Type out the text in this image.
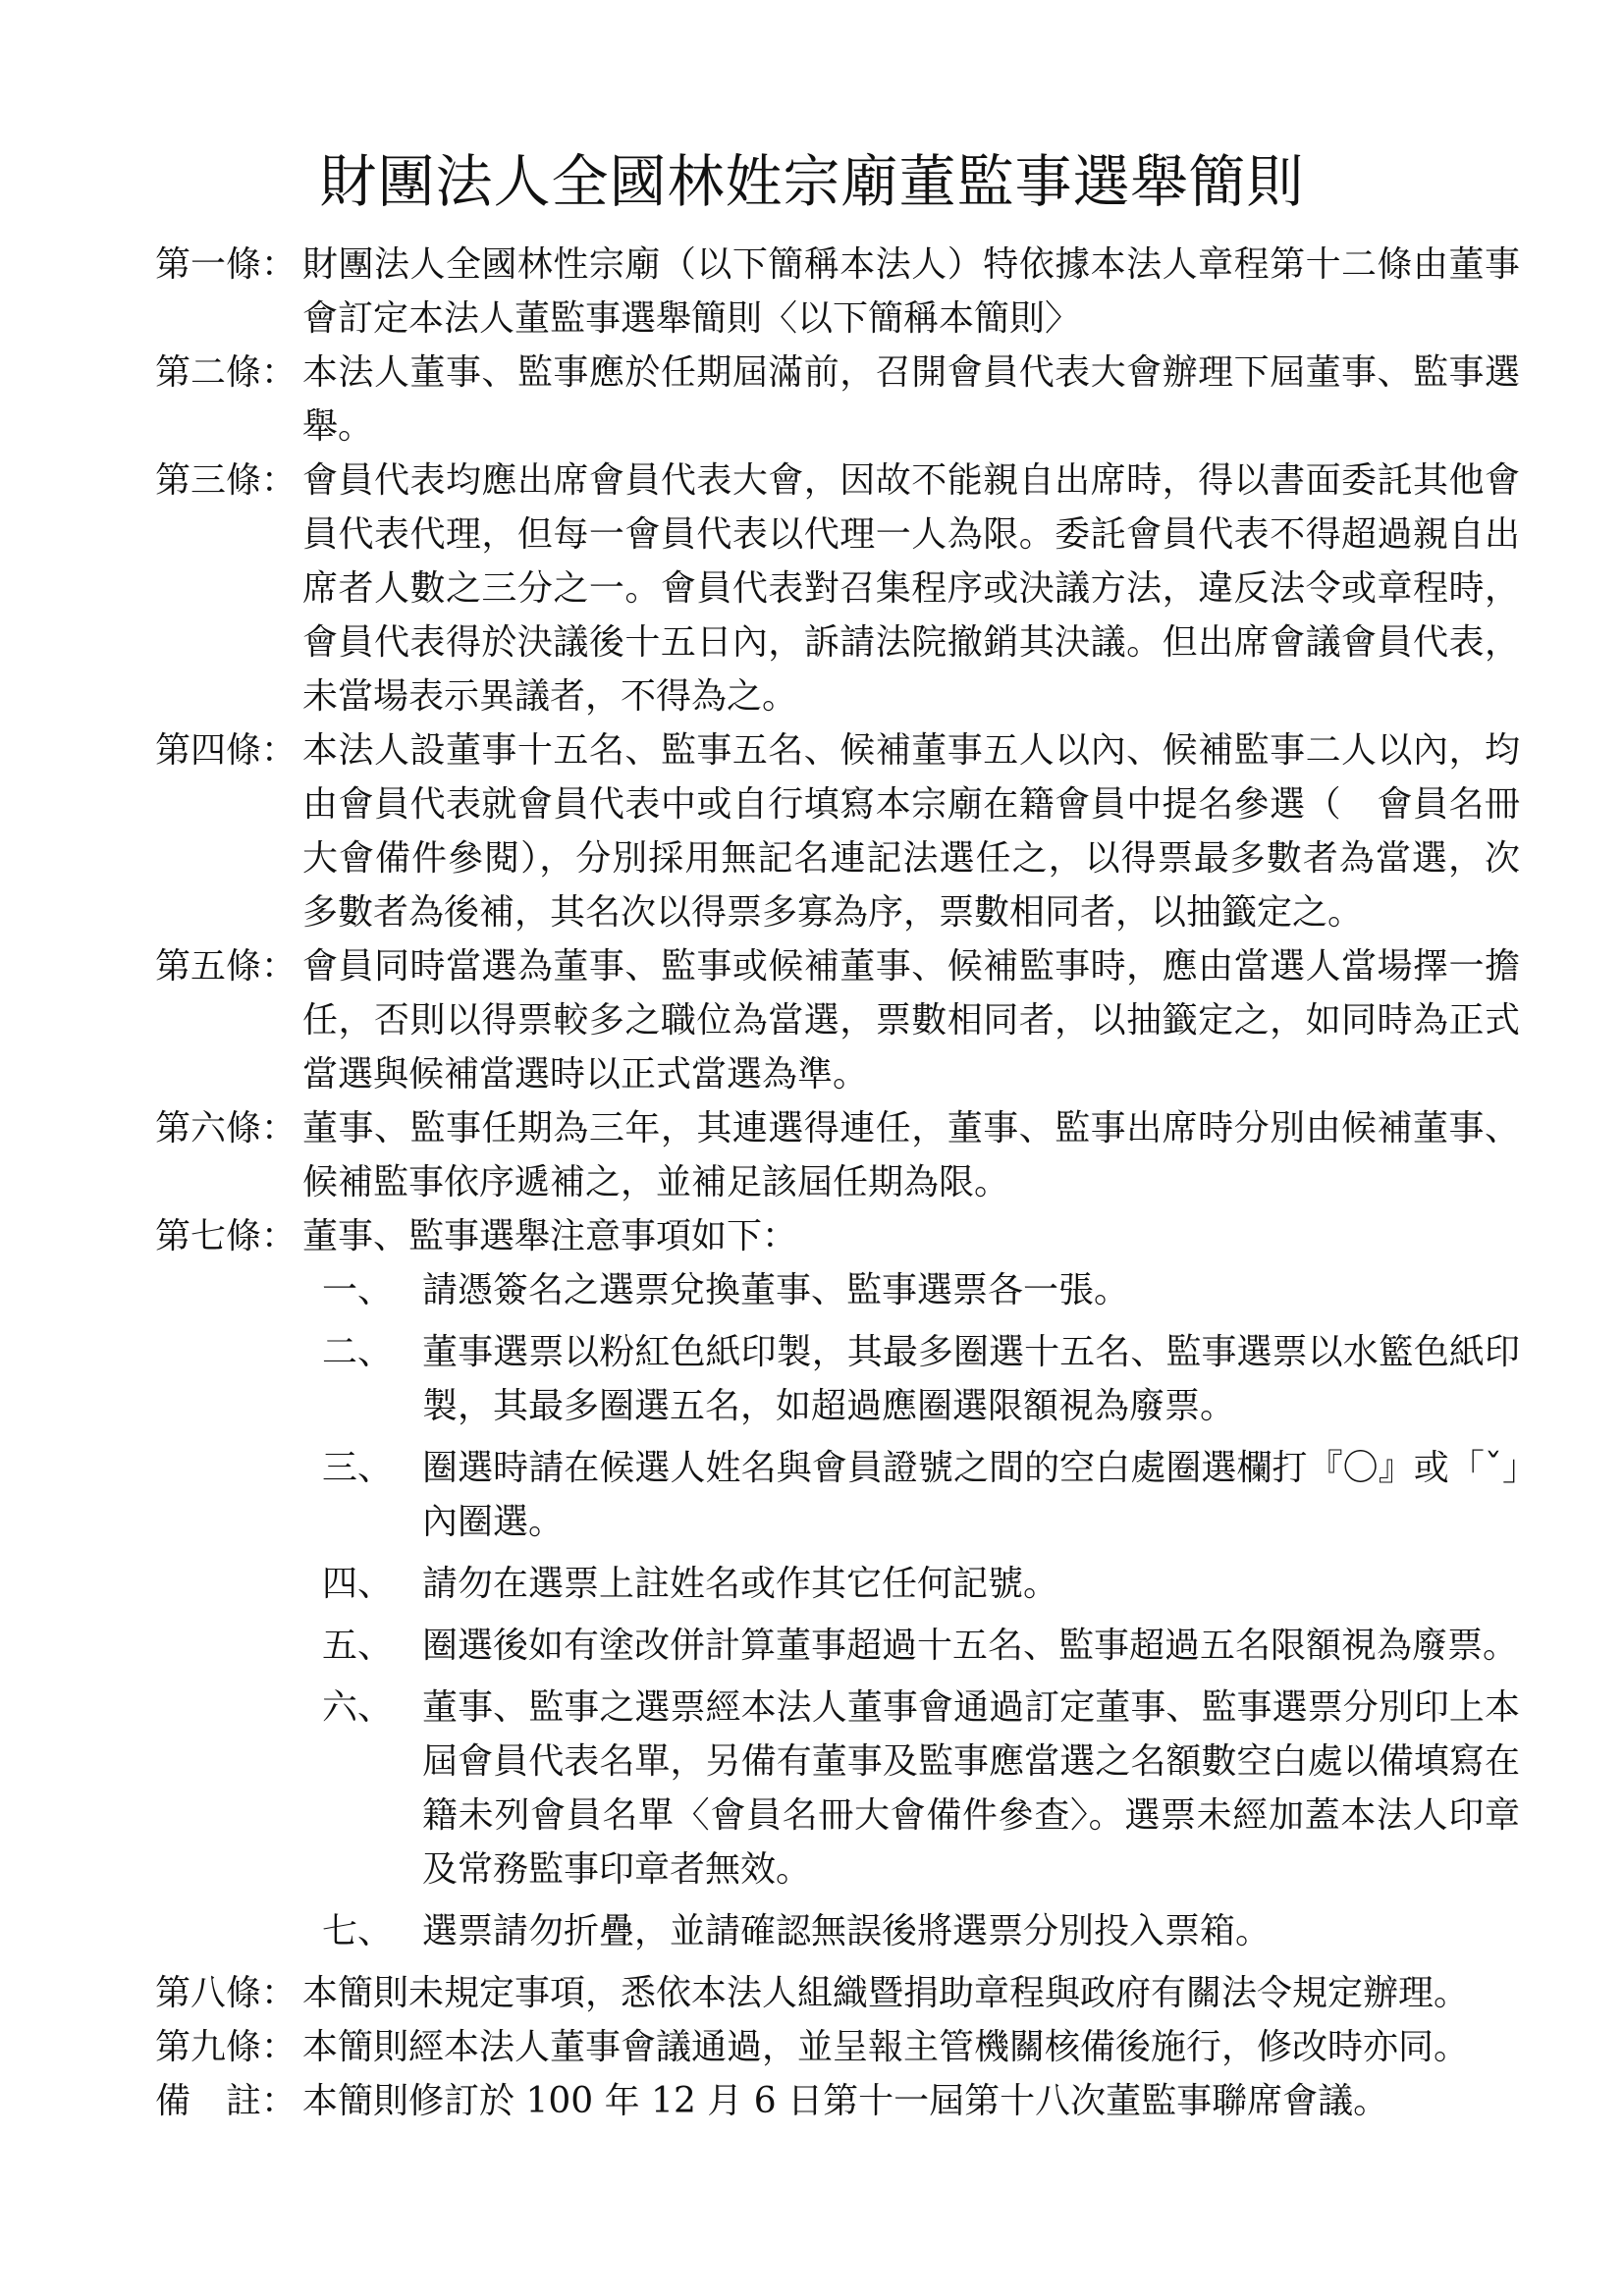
財團法人全國林姓宗廟董監事選舉簡則
第一條： 財團法人全國林性宗廟（以下簡稱本法人）特依據本法人章程第十二條由董事會訂定本法人董監事選舉簡則〈以下簡稱本簡則〉

第二條： 本法人董事、監事應於任期屆滿前，召開會員代表大會辦理下屆董事、監事選舉。

第三條： 會員代表均應出席會員代表大會，因故不能親自出席時，得以書面委託其他會員代表代理，但每一會員代表以代理一人為限。委託會員代表不得超過親自出席者人數之三分之一。會員代表對召集程序或決議方法，違反法令或章程時，會員代表得於決議後十五日內，訴請法院撤銷其決議。但出席會議會員代表，未當場表示異議者，不得為之。

第四條： 本法人設董事十五名、監事五名、候補董事五人以內、候補監事二人以內，均由會員代表就會員代表中或自行填寫本宗廟在籍會員中提名參選（　會員名冊大會備件參閱），分別採用無記名連記法選任之，以得票最多數者為當選，次多數者為後補，其名次以得票多寡為序，票數相同者，以抽籤定之。

第五條： 會員同時當選為董事、監事或候補董事、候補監事時，應由當選人當場擇一擔任，否則以得票較多之職位為當選，票數相同者，以抽籤定之，如同時為正式當選與候補當選時以正式當選為準。

第六條： 董事、監事任期為三年，其連選得連任，董事、監事出席時分別由候補董事、候補監事依序遞補之，並補足該屆任期為限。

第七條： 董事、監事選舉注意事項如下：

一、 請憑簽名之選票兌換董事、監事選票各一張。
二、 董事選票以粉紅色紙印製，其最多圈選十五名、監事選票以水籃色紙印製，其最多圈選五名，如超過應圈選限額視為廢票。
三、 圈選時請在候選人姓名與會員證號之間的空白處圈選欄打『〇』或「ˇ」內圈選。
四、 請勿在選票上註姓名或作其它任何記號。
五、 圈選後如有塗改併計算董事超過十五名、監事超過五名限額視為廢票。
六、 董事、監事之選票經本法人董事會通過訂定董事、監事選票分別印上本屆會員代表名單，另備有董事及監事應當選之名額數空白處以備填寫在籍未列會員名單〈會員名冊大會備件參查〉。選票未經加蓋本法人印章及常務監事印章者無效。
七、 選票請勿折疊，並請確認無誤後將選票分別投入票箱。
第八條： 本簡則未規定事項，悉依本法人組織暨捐助章程與政府有關法令規定辦理。

第九條： 本簡則經本法人董事會議通過，並呈報主管機關核備後施行，修改時亦同。

備　註： 本簡則修訂於 100 年 12 月 6 日第十一屆第十八次董監事聯席會議。
